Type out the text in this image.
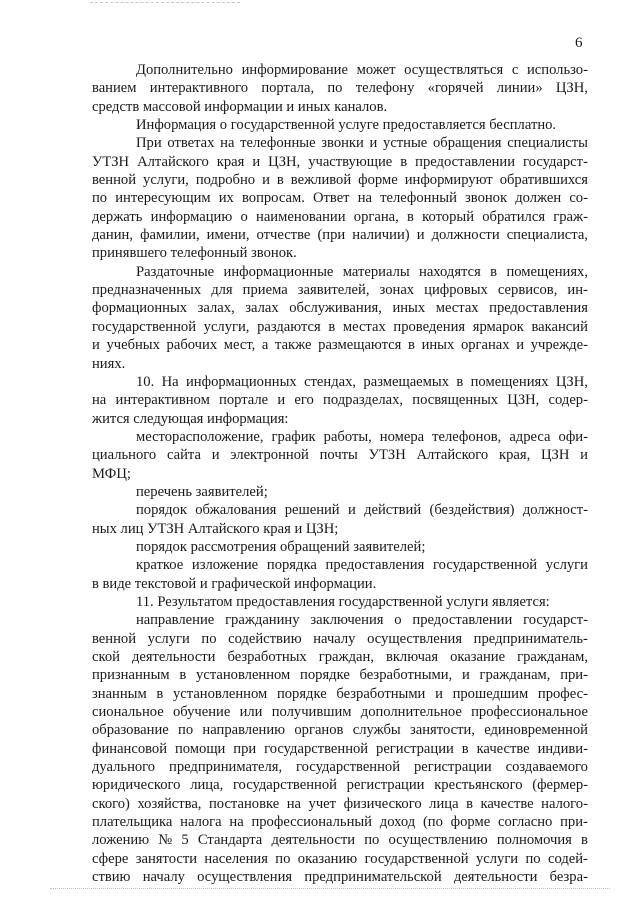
6
Дополнительно информирование может осуществляться с использо-
ванием интерактивного портала, по телефону «горячей линии» ЦЗН,
средств массовой информации и иных каналов.
Информация о государственной услуге предоставляется бесплатно.
При ответах на телефонные звонки и устные обращения специалисты
УТЗН Алтайского края и ЦЗН, участвующие в предоставлении государст-
венной услуги, подробно и в вежливой форме информируют обратившихся
по интересующим их вопросам. Ответ на телефонный звонок должен со-
держать информацию о наименовании органа, в который обратился граж-
данин, фамилии, имени, отчестве (при наличии) и должности специалиста,
принявшего телефонный звонок.
Раздаточные информационные материалы находятся в помещениях,
предназначенных для приема заявителей, зонах цифровых сервисов, ин-
формационных залах, залах обслуживания, иных местах предоставления
государственной услуги, раздаются в местах проведения ярмарок вакансий
и учебных рабочих мест, а также размещаются в иных органах и учрежде-
ниях.
10. На информационных стендах, размещаемых в помещениях ЦЗН,
на интерактивном портале и его подразделах, посвященных ЦЗН, содер-
жится следующая информация:
месторасположение, график работы, номера телефонов, адреса офи-
циального сайта и электронной почты УТЗН Алтайского края, ЦЗН и
МФЦ;
перечень заявителей;
порядок обжалования решений и действий (бездействия) должност-
ных лиц УТЗН Алтайского края и ЦЗН;
порядок рассмотрения обращений заявителей;
краткое изложение порядка предоставления государственной услуги
в виде текстовой и графической информации.
11. Результатом предоставления государственной услуги является:
направление гражданину заключения о предоставлении государст-
венной услуги по содействию началу осуществления предприниматель-
ской деятельности безработных граждан, включая оказание гражданам,
признанным в установленном порядке безработными, и гражданам, при-
знанным в установленном порядке безработными и прошедшим профес-
сиональное обучение или получившим дополнительное профессиональное
образование по направлению органов службы занятости, единовременной
финансовой помощи при государственной регистрации в качестве индиви-
дуального предпринимателя, государственной регистрации создаваемого
юридического лица, государственной регистрации крестьянского (фермер-
ского) хозяйства, постановке на учет физического лица в качестве налого-
плательщика налога на профессиональный доход (по форме согласно при-
ложению № 5 Стандарта деятельности по осуществлению полномочия в
сфере занятости населения по оказанию государственной услуги по содей-
ствию началу осуществления предпринимательской деятельности безра-
